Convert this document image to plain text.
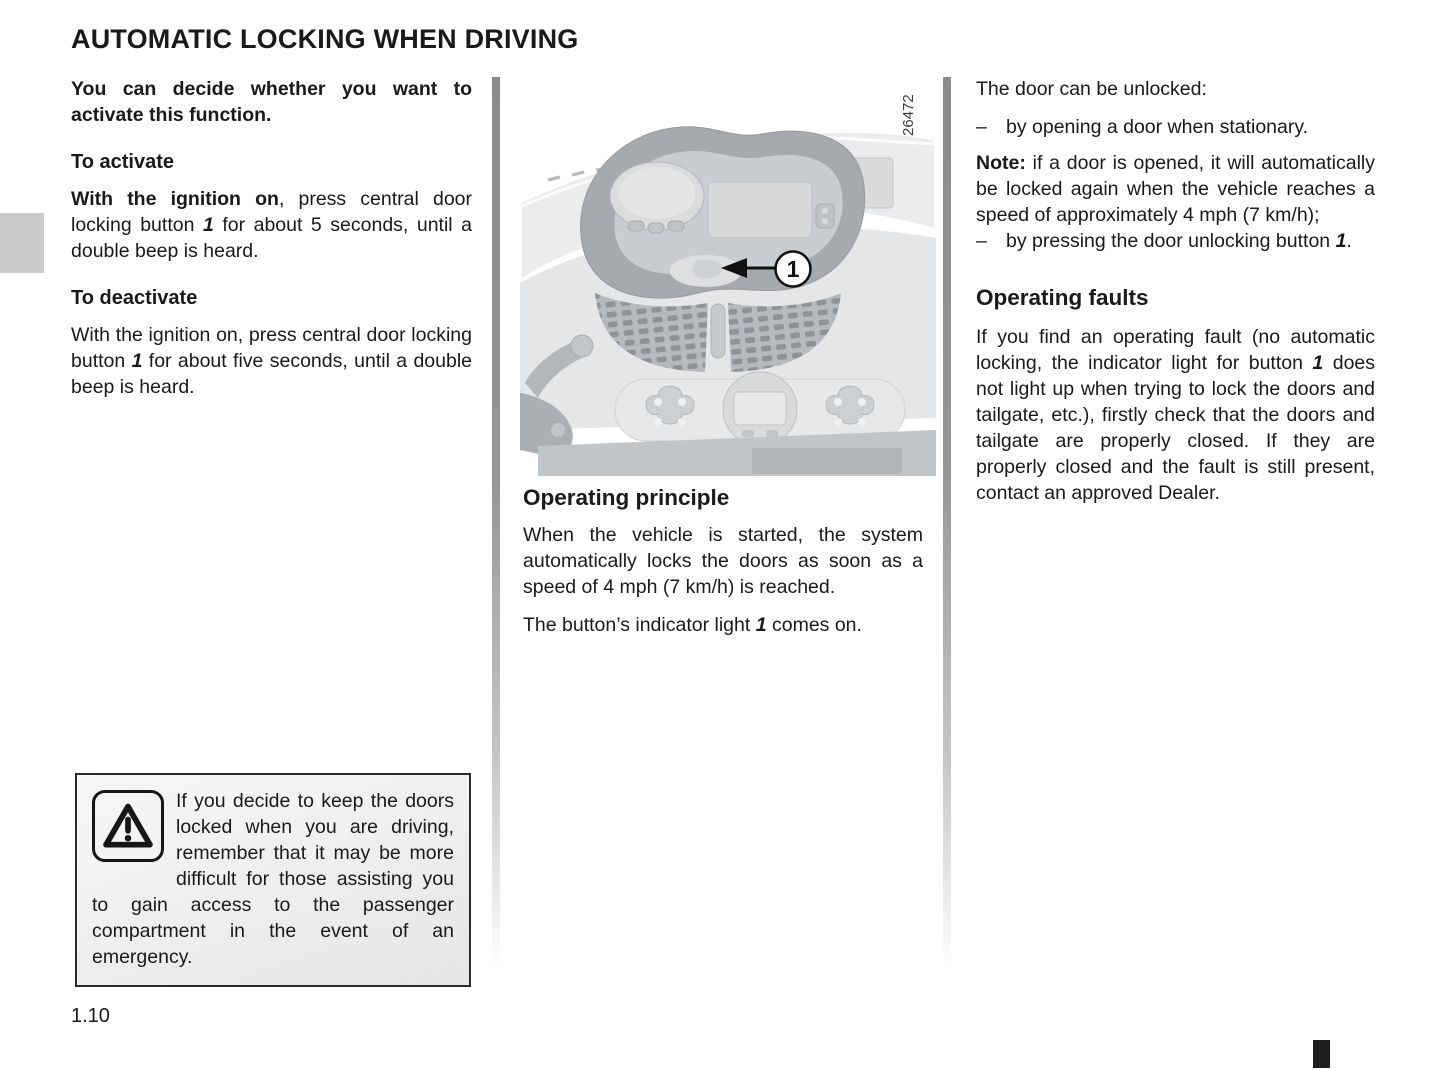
AUTOMATIC LOCKING WHEN DRIVING

You can decide whether you want to activate this function.

To activate

With the ignition on, press central door locking button 1 for about 5 seconds, until a double beep is heard.

To deactivate

With the ignition on, press central door locking button 1 for about five seconds, until a double beep is heard.

1
26472
Operating principle

When the vehicle is started, the system automatically locks the doors as soon as a speed of 4 mph (7 km/h) is reached.

The button’s indicator light 1 comes on.

The door can be unlocked:

– by opening a door when stationary.

Note: if a door is opened, it will automatically be locked again when the vehicle reaches a speed of approximately 4 mph (7 km/h);

– by pressing the door unlocking button 1.
Operating faults

If you find an operating fault (no automatic locking, the indicator light for button 1 does not light up when trying to lock the doors and tailgate, etc.), firstly check that the doors and tailgate are properly closed. If they are properly closed and the fault is still present, contact an approved Dealer.

If you decide to keep the doors locked when you are driving, remember that it may be more difficult for those assisting you to gain access to the passenger compartment in the event of an emergency.

1.10
